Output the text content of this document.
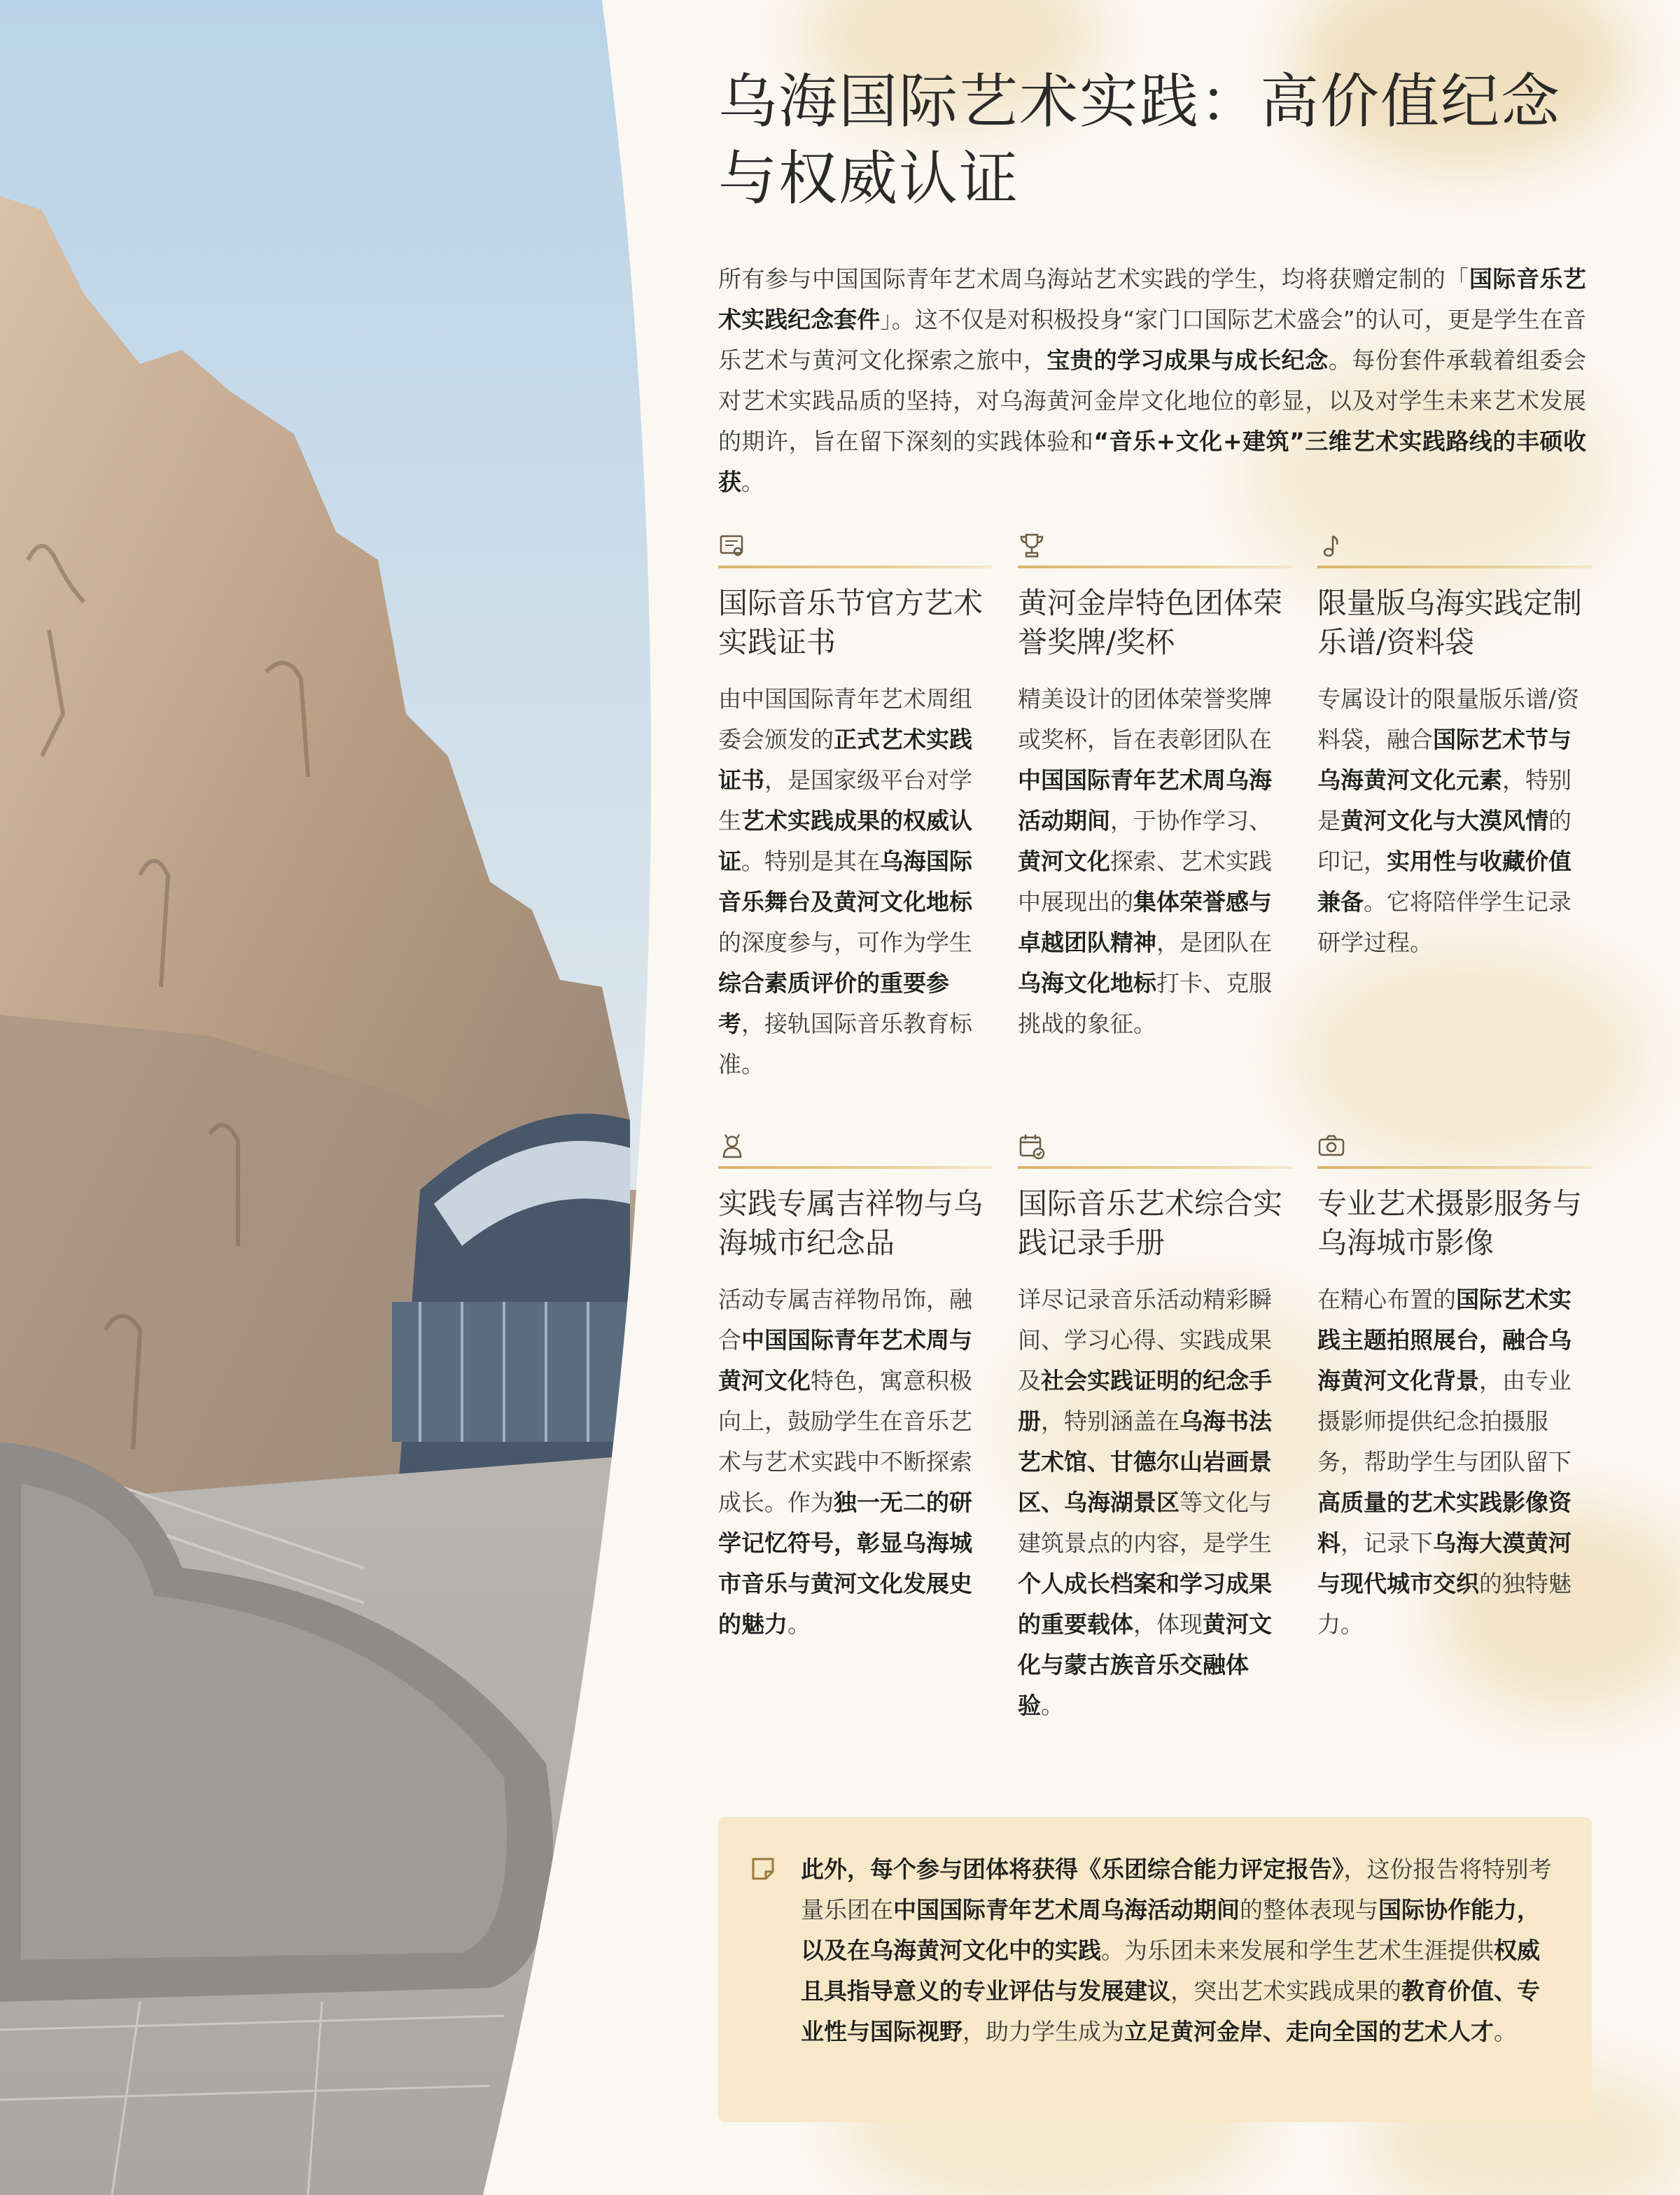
乌海国际艺术实践：高价值纪念与权威认证

所有参与中国国际青年艺术周乌海站艺术实践的学生，均将获赠定制的「国际音乐艺术实践纪念套件」。这不仅是对积极投身“家门口国际艺术盛会”的认可，更是学生在音乐艺术与黄河文化探索之旅中，宝贵的学习成果与成长纪念。每份套件承载着组委会对艺术实践品质的坚持，对乌海黄河金岸文化地位的彰显，以及对学生未来艺术发展的期许，旨在留下深刻的实践体验和“音乐+文化+建筑”三维艺术实践路线的丰硕收获。

国际音乐节官方艺术实践证书
由中国国际青年艺术周组委会颁发的正式艺术实践证书，是国家级平台对学生艺术实践成果的权威认证。特别是其在乌海国际音乐舞台及黄河文化地标的深度参与，可作为学生综合素质评价的重要参考，接轨国际音乐教育标准。
黄河金岸特色团体荣誉奖牌/奖杯
精美设计的团体荣誉奖牌或奖杯，旨在表彰团队在中国国际青年艺术周乌海活动期间，于协作学习、黄河文化探索、艺术实践中展现出的集体荣誉感与卓越团队精神，是团队在乌海文化地标打卡、克服挑战的象征。
限量版乌海实践定制乐谱/资料袋
专属设计的限量版乐谱/资料袋，融合国际艺术节与乌海黄河文化元素，特别是黄河文化与大漠风情的印记，实用性与收藏价值兼备。它将陪伴学生记录研学过程。
实践专属吉祥物与乌海城市纪念品
活动专属吉祥物吊饰，融合中国国际青年艺术周与黄河文化特色，寓意积极向上，鼓励学生在音乐艺术与艺术实践中不断探索成长。作为独一无二的研学记忆符号，彰显乌海城市音乐与黄河文化发展史的魅力。
国际音乐艺术综合实践记录手册
详尽记录音乐活动精彩瞬间、学习心得、实践成果及社会实践证明的纪念手册，特别涵盖在乌海书法艺术馆、甘德尔山岩画景区、乌海湖景区等文化与建筑景点的内容，是学生个人成长档案和学习成果的重要载体，体现黄河文化与蒙古族音乐交融体验。
专业艺术摄影服务与乌海城市影像
在精心布置的国际艺术实践主题拍照展台，融合乌海黄河文化背景，由专业摄影师提供纪念拍摄服务，帮助学生与团队留下高质量的艺术实践影像资料，记录下乌海大漠黄河与现代城市交织的独特魅力。
此外，每个参与团体将获得《乐团综合能力评定报告》，这份报告将特别考量乐团在中国国际青年艺术周乌海活动期间的整体表现与国际协作能力，以及在乌海黄河文化中的实践。为乐团未来发展和学生艺术生涯提供权威且具指导意义的专业评估与发展建议，突出艺术实践成果的教育价值、专业性与国际视野，助力学生成为立足黄河金岸、走向全国的艺术人才。
